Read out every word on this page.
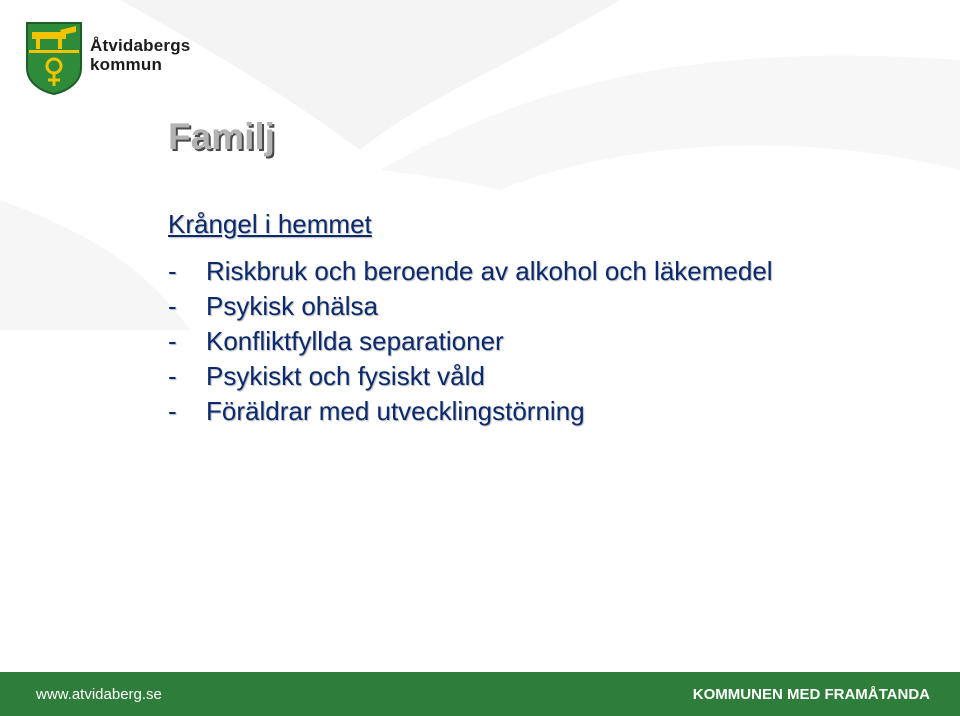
Åtvidabergs
kommun
Familj
Krångel i hemmet
- Riskbruk och beroende av alkohol och läkemedel
- Psykisk ohälsa
- Konfliktfyllda separationer
- Psykiskt och fysiskt våld
- Föräldrar med utvecklingstörning
www.atvidaberg.se	KOMMUNEN MED FRAMÅTANDA
